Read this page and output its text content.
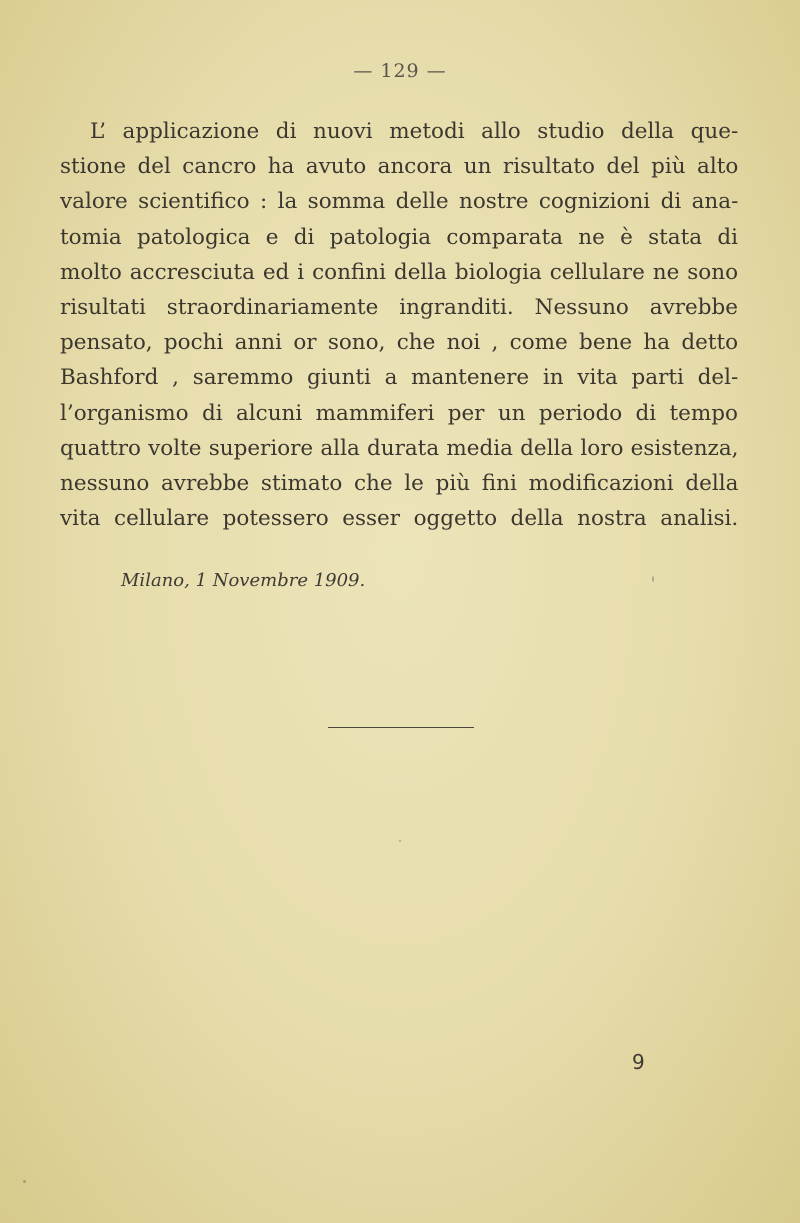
— 129 —
L’ applicazione di nuovi metodi allo studio della que-
stione del cancro ha avuto ancora un risultato del più alto
valore scientifico : la somma delle nostre cognizioni di ana-
tomia patologica e di patologia comparata ne è stata di
molto accresciuta ed i confini della biologia cellulare ne sono
risultati straordinariamente ingranditi. Nessuno avrebbe
pensato, pochi anni or sono, che noi , come bene ha detto
Bashford , saremmo giunti a mantenere in vita parti del-
l’organismo di alcuni mammiferi per un periodo di tempo
quattro volte superiore alla durata media della loro esistenza,
nessuno avrebbe stimato che le più fini modificazioni della
vita cellulare potessero esser oggetto della nostra analisi.
Milano, 1 Novembre 1909.
9
